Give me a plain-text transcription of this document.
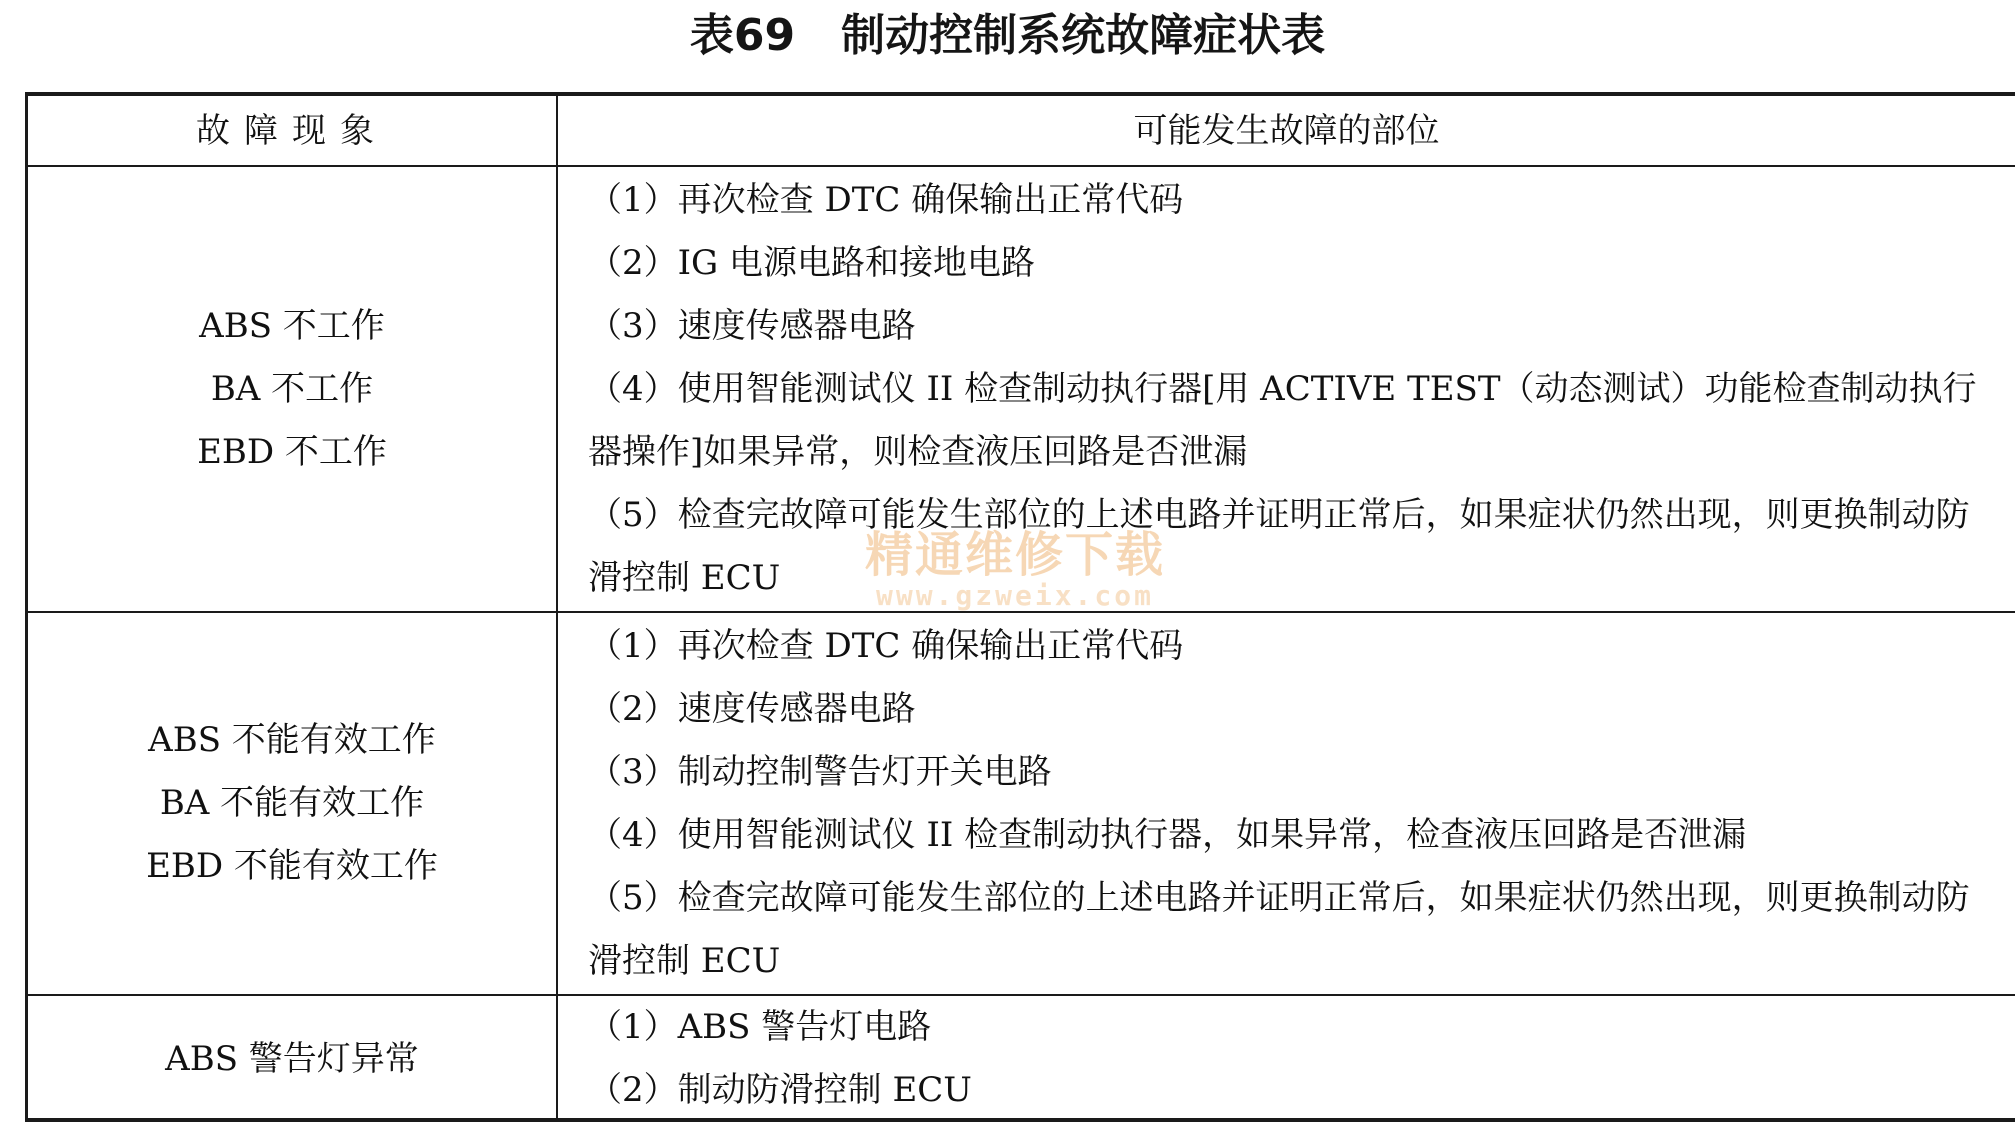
表69   制动控制系统故障症状表
故障现象	可能发生故障的部位
ABS 不工作
BA 不工作
EBD 不工作

（1）再次检查 DTC 确保输出正常代码

（2）IG 电源电路和接地电路

（3）速度传感器电路

（4）使用智能测试仪 II 检查制动执行器[用 ACTIVE TEST（动态测试）功能检查制动执行器操作]如果异常，则检查液压回路是否泄漏

（5）检查完故障可能发生部位的上述电路并证明正常后，如果症状仍然出现，则更换制动防滑控制 ECU

ABS 不能有效工作
BA 不能有效工作
EBD 不能有效工作

（1）再次检查 DTC 确保输出正常代码

（2）速度传感器电路

（3）制动控制警告灯开关电路

（4）使用智能测试仪 II 检查制动执行器，如果异常，检查液压回路是否泄漏

（5）检查完故障可能发生部位的上述电路并证明正常后，如果症状仍然出现，则更换制动防滑控制 ECU

ABS 警告灯异常

（1）ABS 警告灯电路

（2）制动防滑控制 ECU

精通维修下载
www.gzweix.com
